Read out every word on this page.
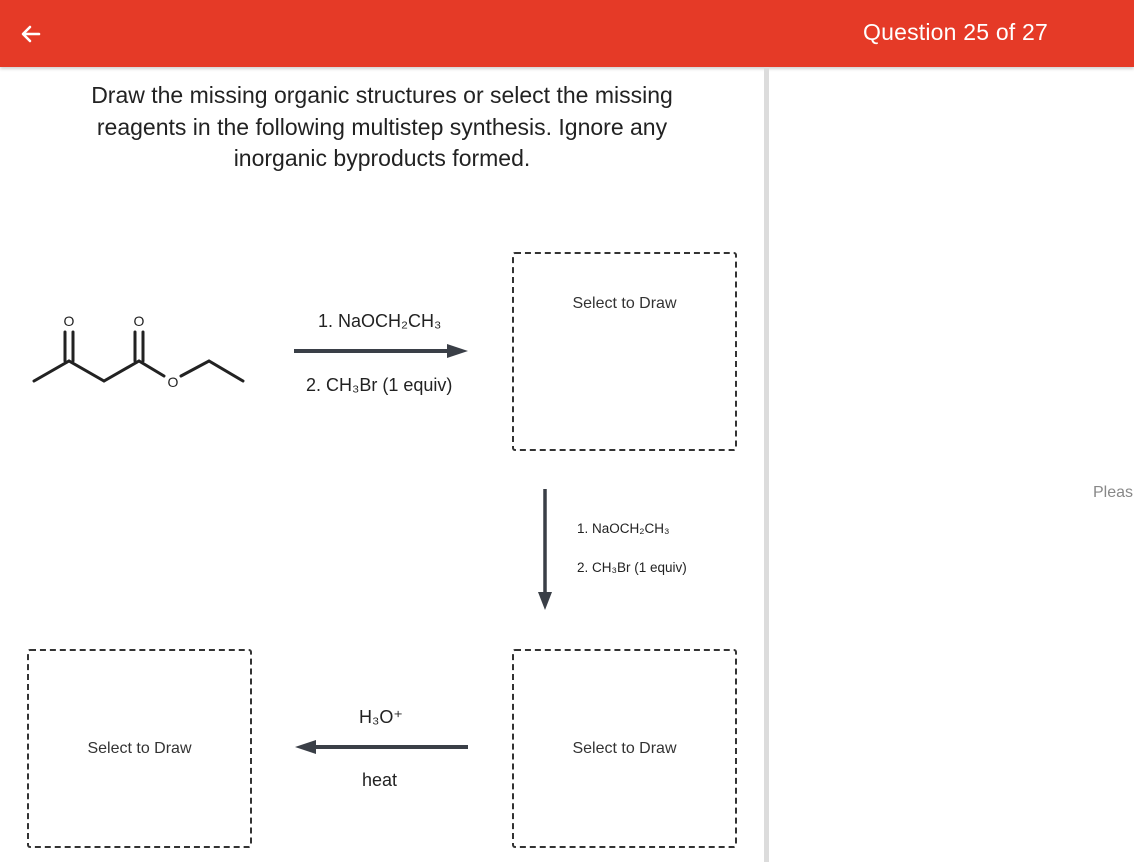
Question 25 of 27
Draw the missing organic structures or select the missing reagents in the following multistep synthesis. Ignore any inorganic byproducts formed.
O	O
O
1. NaOCH₂CH₃
2. CH₃Br (1 equiv)
Select to Draw
1. NaOCH₂CH₃
2. CH₃Br (1 equiv)
Select to Draw
H₃O⁺
heat
Select to Draw
Pleas
